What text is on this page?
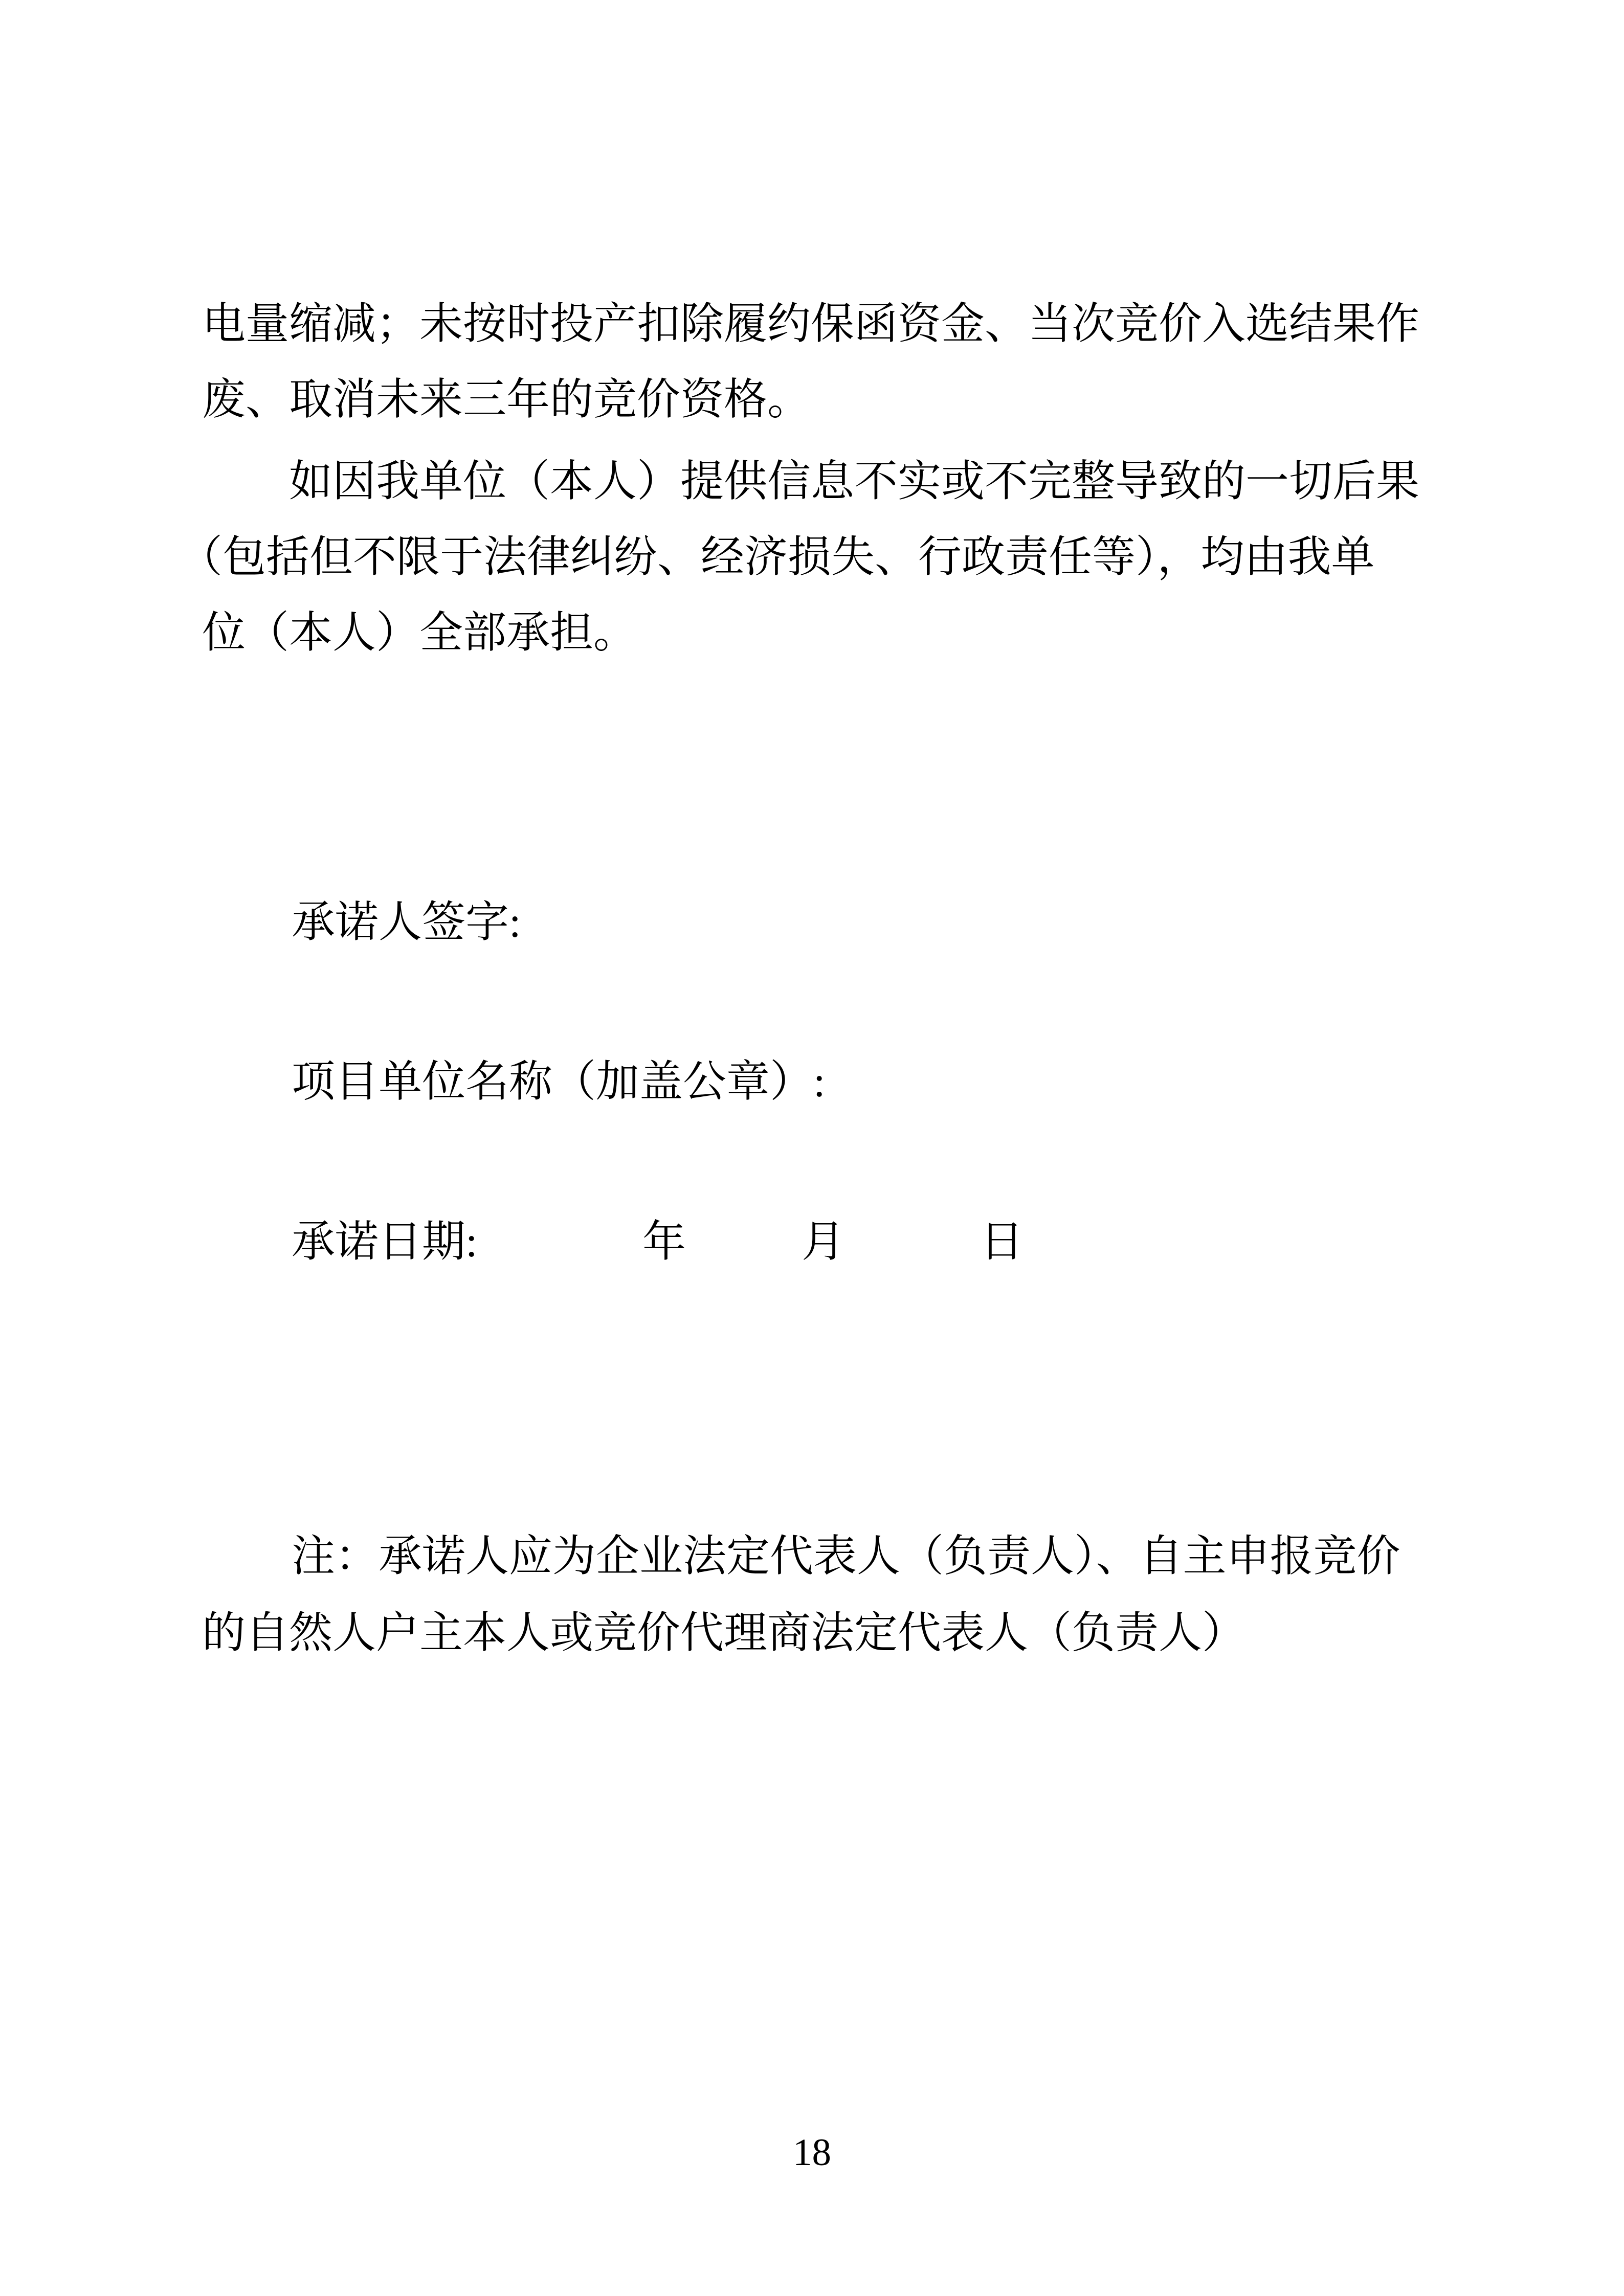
电量缩减；未按时投产扣除履约保函资金、当次竞价入选结果作
废、取消未来三年的竞价资格。
如因我单位（本人）提供信息不实或不完整导致的一切后果
（包括但不限于法律纠纷、经济损失、行政责任等），均由我单
位（本人）全部承担。
承诺人签字:
项目单位名称（加盖公章）:
承诺日期:	年	月	日
注：承诺人应为企业法定代表人（负责人）、自主申报竞价
的自然人户主本人或竞价代理商法定代表人（负责人）
18
